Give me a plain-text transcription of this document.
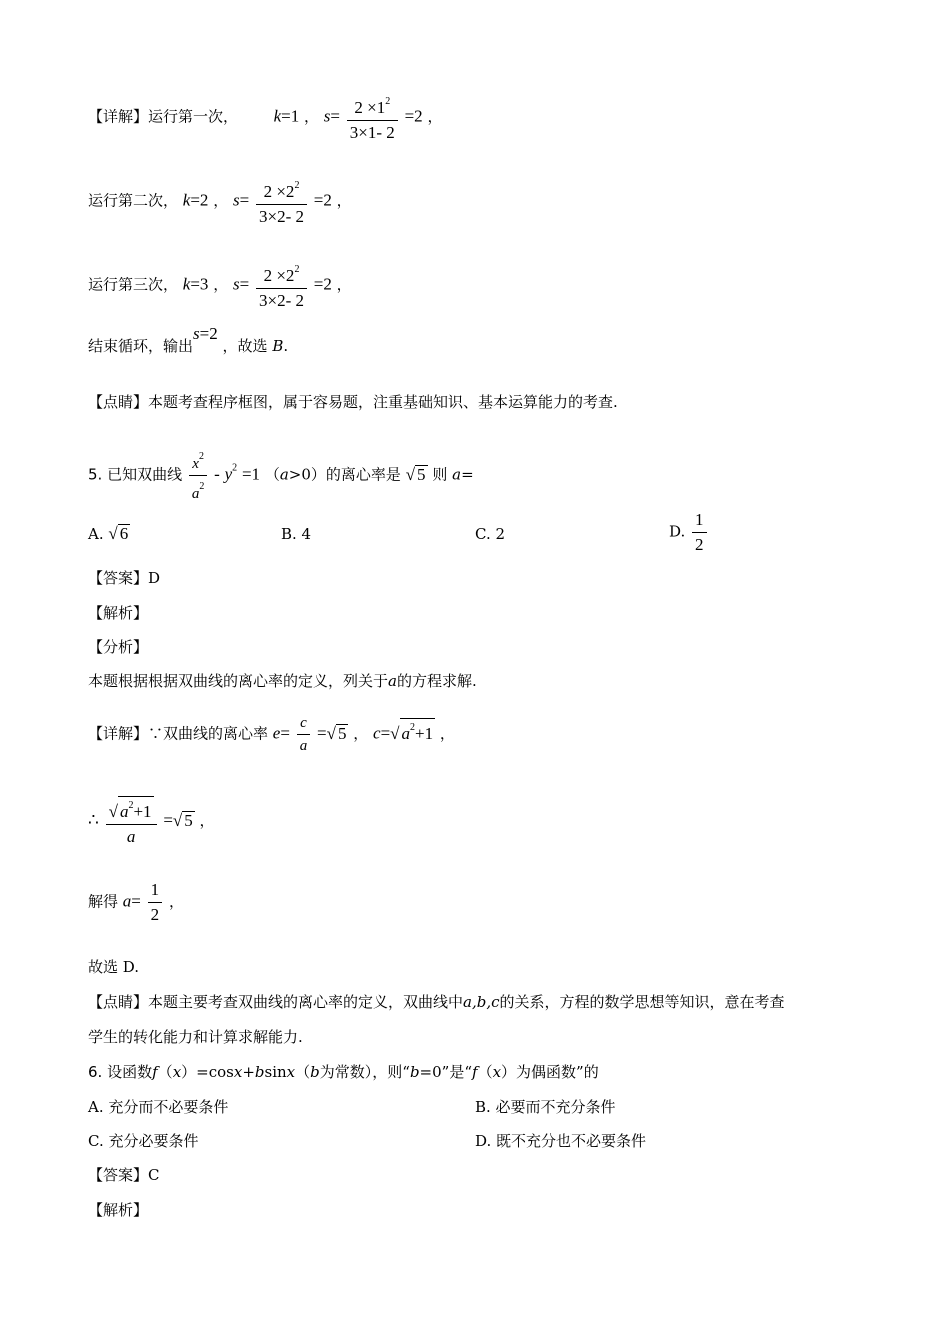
【详解】运行第一次， k=1 ， $s= \frac{2 \times 1^2}{3\times 1- 2} =2$ ，
运行第二次， k=2 ， $s= \frac{2 \times 2^2}{3\times 2- 2} =2$ ，
运行第三次， k=3 ， $s= \frac{2 \times 2^2}{3\times 2- 2} =2$ ，
结束循环，输出s=2 ，故选 B.
【点睛】本题考查程序框图，属于容易题，注重基础知识、基本运算能力的考查.
5. 已知双曲线 $\frac{x^2}{a^2} - y^2 =1$ （a>0）的离心率是 √ 5 则 a=
A. √ 6	B. 4	C. 2	D. $\frac{1}{2}$
【答案】D
【解析】
【分析】
本题根据根据双曲线的离心率的定义，列关于a的方程求解.
【详解】∵双曲线的离心率 $e= \frac{c}{a}$ =√ 5 ， c=√ $a^2+1$ ，
∴ $\frac{√ a^2+1}{a}$ =√ 5 ，
解得 $a= \frac{1}{2}$ ，
故选 D.
【点睛】本题主要考查双曲线的离心率的定义，双曲线中a,b,c的关系，方程的数学思想等知识，意在考查
学生的转化能力和计算求解能力.
6. 设函数f（x）=cosx+bsinx（b为常数），则“b=0”是“f（x）为偶函数”的
A. 充分而不必要条件	B. 必要而不充分条件
C. 充分必要条件	D. 既不充分也不必要条件
【答案】C
【解析】
